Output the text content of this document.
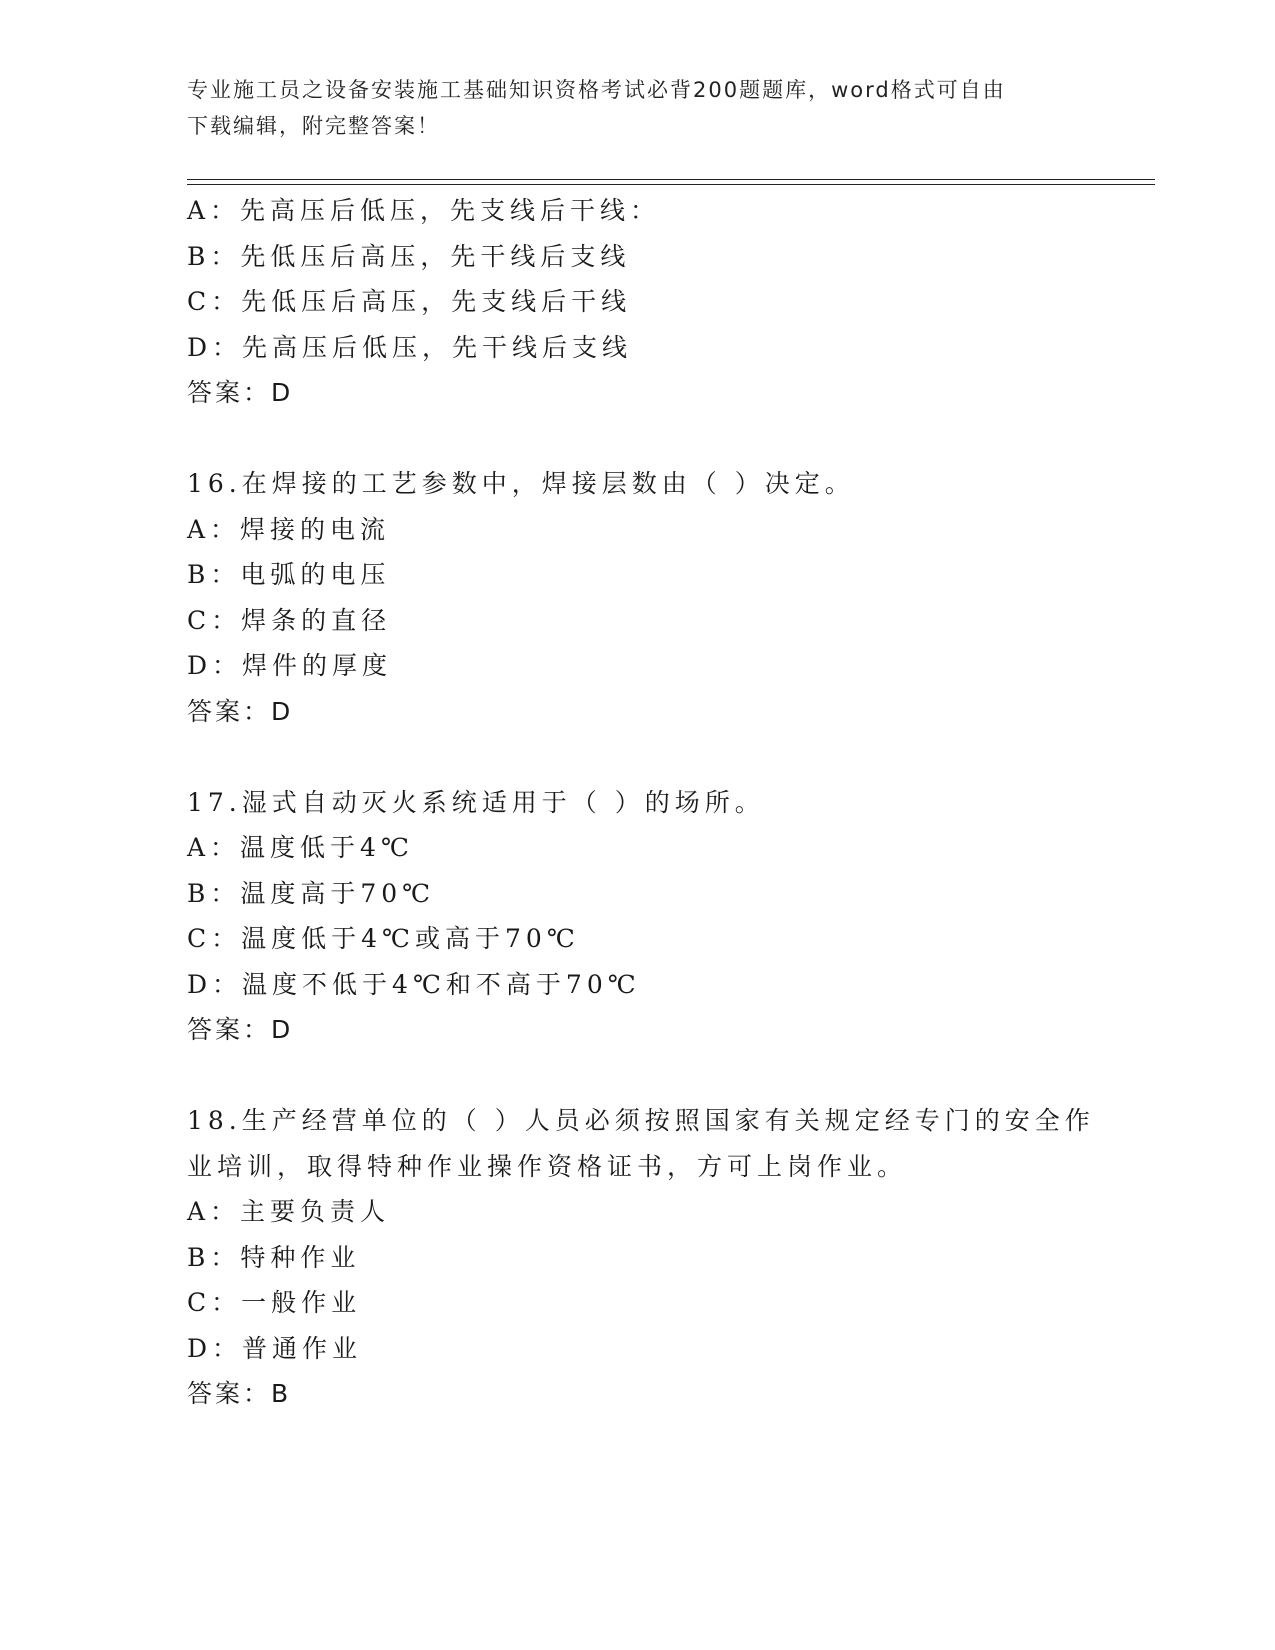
专业施工员之设备安装施工基础知识资格考试必背200题题库，word格式可自由
下载编辑，附完整答案！
A：先高压后低压，先支线后干线：
B：先低压后高压，先干线后支线
C：先低压后高压，先支线后干线
D：先高压后低压，先干线后支线
答案：D
16.在焊接的工艺参数中，焊接层数由（ ）决定。
A：焊接的电流
B：电弧的电压
C：焊条的直径
D：焊件的厚度
答案：D
17.湿式自动灭火系统适用于（ ）的场所。
A：温度低于4℃
B：温度高于70℃
C：温度低于4℃或高于70℃
D：温度不低于4℃和不高于70℃
答案：D
18.生产经营单位的（ ）人员必须按照国家有关规定经专门的安全作
业培训，取得特种作业操作资格证书，方可上岗作业。
A：主要负责人
B：特种作业
C：一般作业
D：普通作业
答案：B
